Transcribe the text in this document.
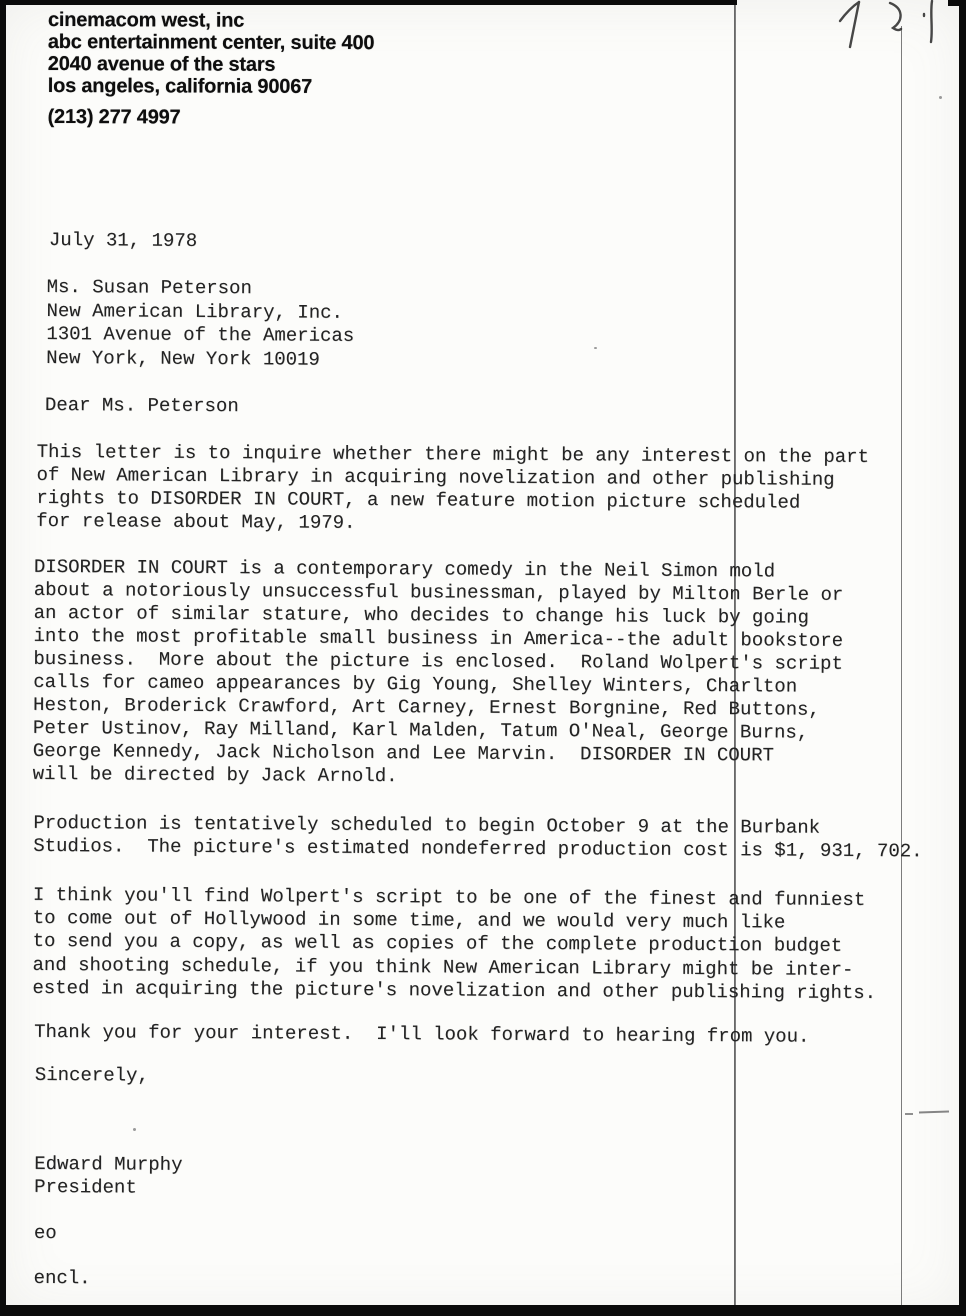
cinemacom west, inc
abc entertainment center, suite 400
2040 avenue of the stars
los angeles, california 90067
(213) 277 4997
July 31, 1978
Ms. Susan Peterson
New American Library, Inc.
1301 Avenue of the Americas
New York, New York 10019
Dear Ms. Peterson

This letter is to inquire whether there might be any interest on the part
of New American Library in acquiring novelization and other publishing
rights to DISORDER IN COURT, a new feature motion picture scheduled
for release about May, 1979.

DISORDER IN COURT is a contemporary comedy in the Neil Simon mold
about a notoriously unsuccessful businessman, played by Milton Berle or
an actor of similar stature, who decides to change his luck by going
into the most profitable small business in America--the adult bookstore
business.  More about the picture is enclosed.  Roland Wolpert's script
calls for cameo appearances by Gig Young, Shelley Winters, Charlton
Heston, Broderick Crawford, Art Carney, Ernest Borgnine, Red Buttons,
Peter Ustinov, Ray Milland, Karl Malden, Tatum O'Neal, George Burns,
George Kennedy, Jack Nicholson and Lee Marvin.  DISORDER IN COURT
will be directed by Jack Arnold.

Production is tentatively scheduled to begin October 9 at the Burbank
Studios.  The picture's estimated nondeferred production cost is $1, 931, 702.

I think you'll find Wolpert's script to be one of the finest and funniest
to come out of Hollywood in some time, and we would very much like
to send you a copy, as well as copies of the complete production budget
and shooting schedule, if you think New American Library might be inter-
ested in acquiring the picture's novelization and other publishing rights.

Thank you for your interest.  I'll look forward to hearing from you.

Sincerely,
Edward Murphy
President
eo
encl.
